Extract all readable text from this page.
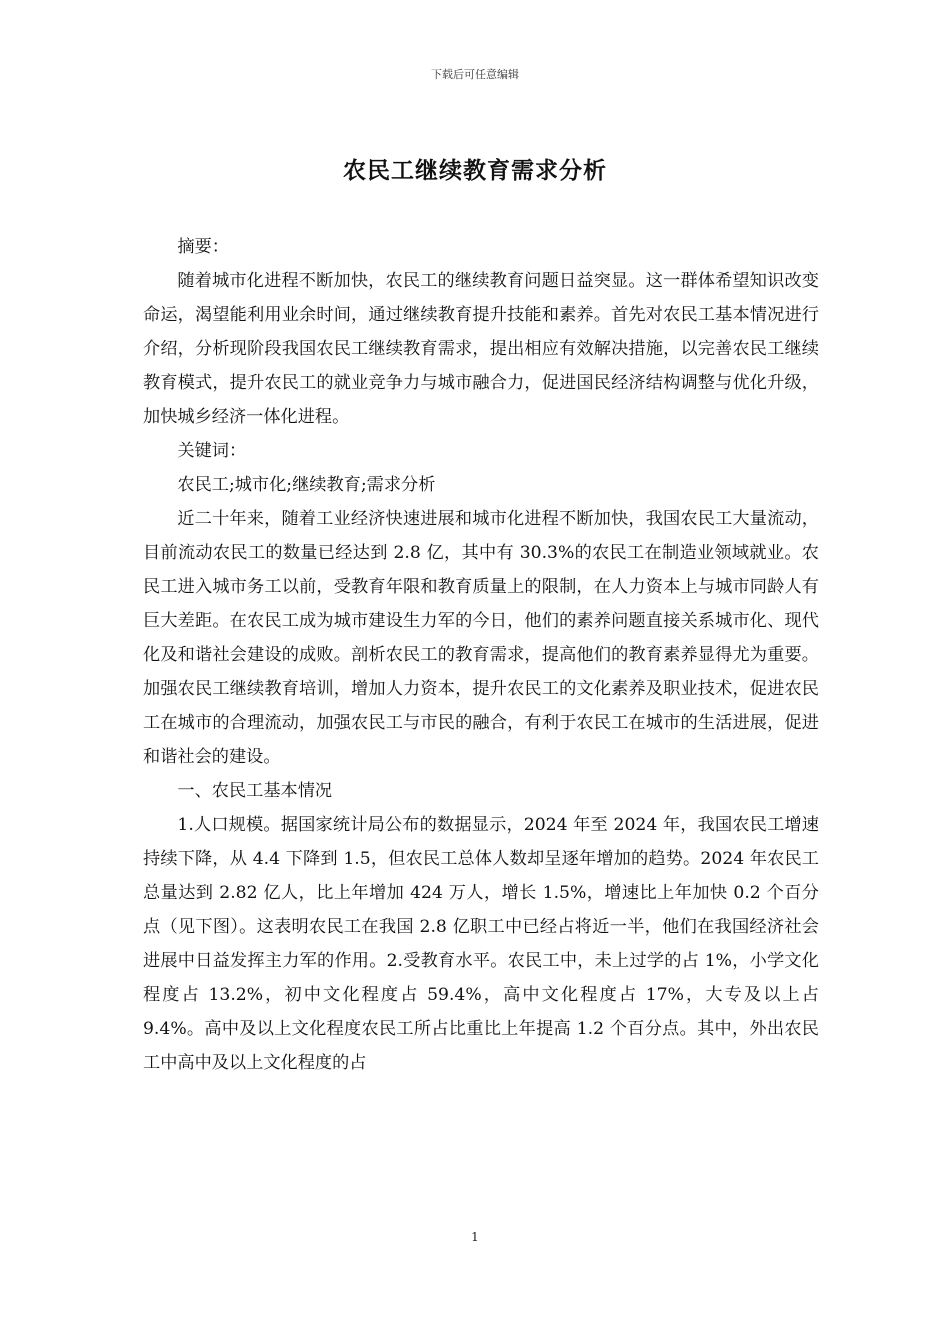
下载后可任意编辑
农民工继续教育需求分析

摘要：

随着城市化进程不断加快，农民工的继续教育问题日益突显。这一群体希望知识改变命运，渴望能利用业余时间，通过继续教育提升技能和素养。首先对农民工基本情况进行介绍，分析现阶段我国农民工继续教育需求，提出相应有效解决措施，以完善农民工继续教育模式，提升农民工的就业竞争力与城市融合力，促进国民经济结构调整与优化升级，加快城乡经济一体化进程。

关键词：

农民工;城市化;继续教育;需求分析

近二十年来，随着工业经济快速进展和城市化进程不断加快，我国农民工大量流动，目前流动农民工的数量已经达到 2.8 亿，其中有 30.3%的农民工在制造业领域就业。农民工进入城市务工以前，受教育年限和教育质量上的限制，在人力资本上与城市同龄人有巨大差距。在农民工成为城市建设生力军的今日，他们的素养问题直接关系城市化、现代化及和谐社会建设的成败。剖析农民工的教育需求，提高他们的教育素养显得尤为重要。加强农民工继续教育培训，增加人力资本，提升农民工的文化素养及职业技术，促进农民工在城市的合理流动，加强农民工与市民的融合，有利于农民工在城市的生活进展，促进和谐社会的建设。

一、农民工基本情况

1.人口规模。据国家统计局公布的数据显示，2024 年至 2024 年，我国农民工增速持续下降，从 4.4 下降到 1.5，但农民工总体人数却呈逐年增加的趋势。2024 年农民工总量达到 2.82 亿人，比上年增加 424 万人，增长 1.5%，增速比上年加快 0.2 个百分点（见下图）。这表明农民工在我国 2.8 亿职工中已经占将近一半，他们在我国经济社会进展中日益发挥主力军的作用。2.受教育水平。农民工中，未上过学的占 1%，小学文化程度占 13.2%，初中文化程度占 59.4%，高中文化程度占 17%，大专及以上占 9.4%。高中及以上文化程度农民工所占比重比上年提高 1.2 个百分点。其中，外出农民工中高中及以上文化程度的占

1
